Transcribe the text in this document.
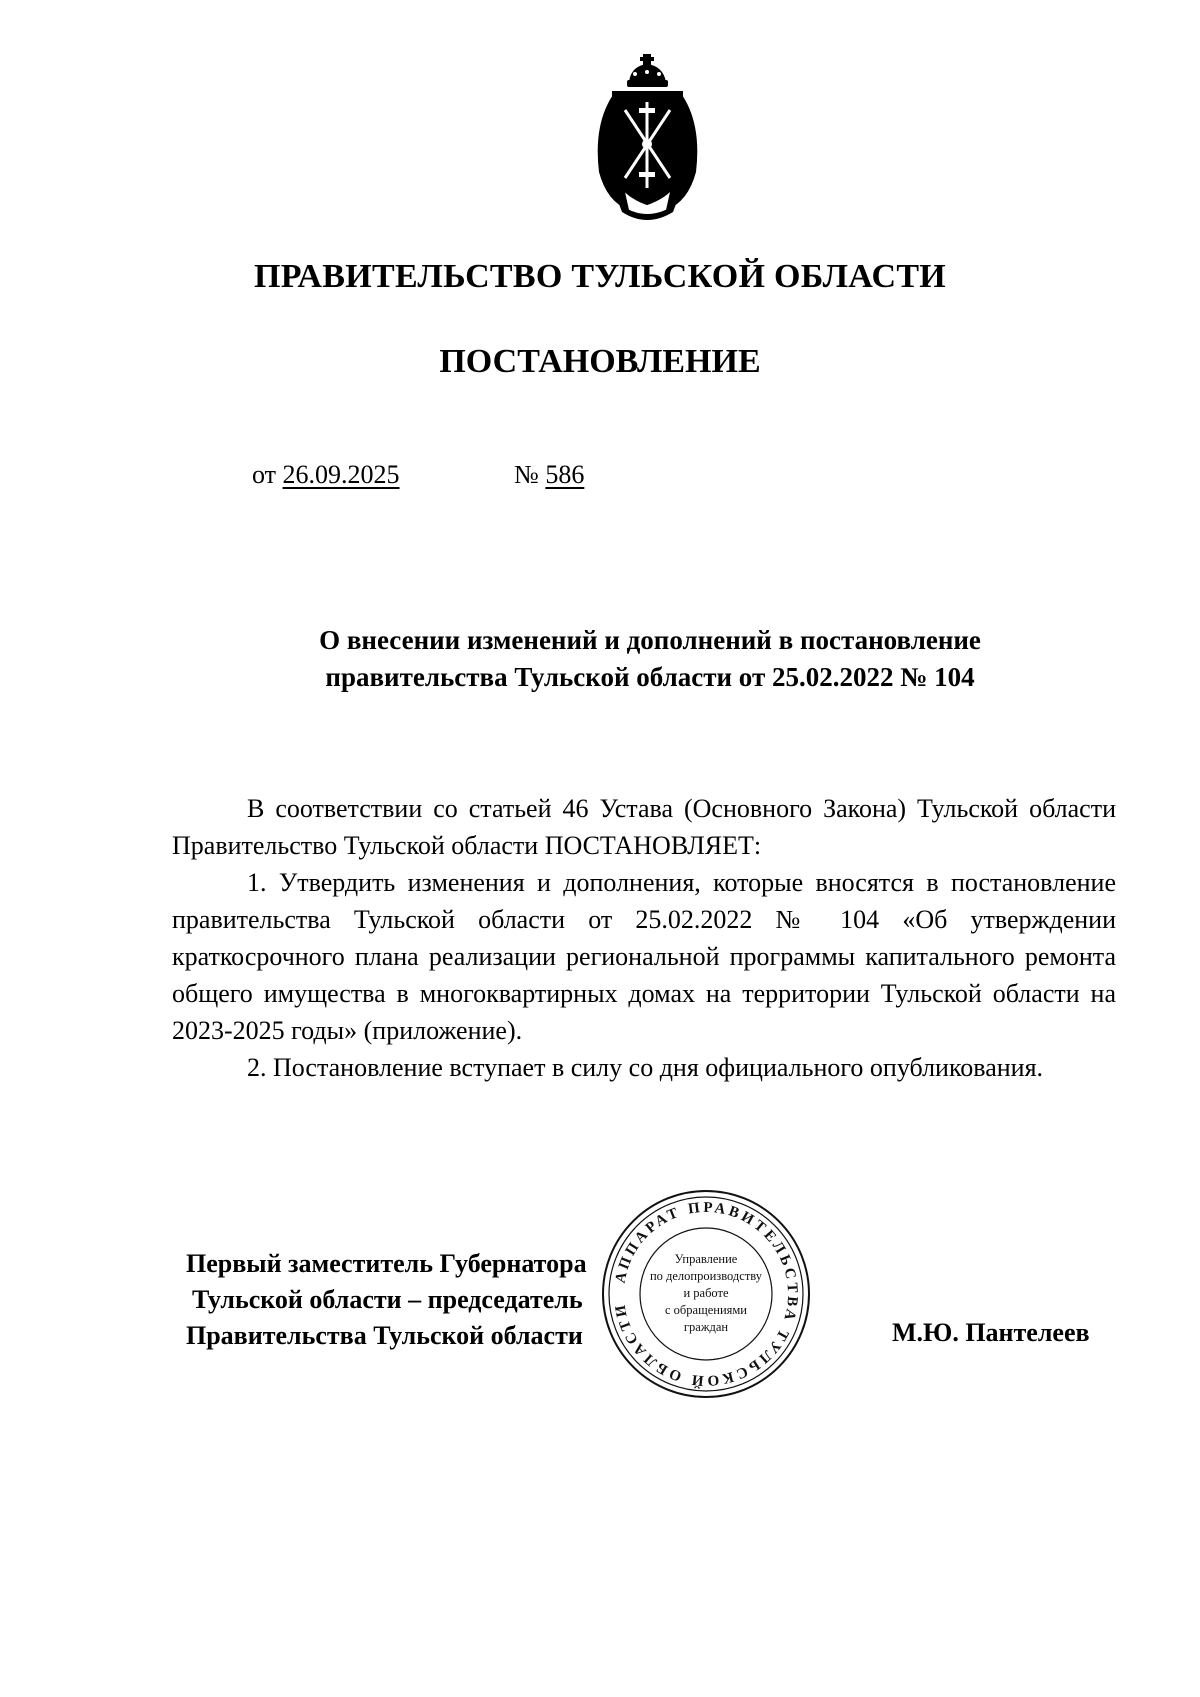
ПРАВИТЕЛЬСТВО ТУЛЬСКОЙ ОБЛАСТИ
ПОСТАНОВЛЕНИЕ
от 26.09.2025	№ 586
О внесении изменений и дополнений в постановление
правительства Тульской области от 25.02.2022 № 104

В соответствии со статьей 46 Устава (Основного Закона) Тульской области Правительство Тульской области ПОСТАНОВЛЯЕТ:

1. Утвердить изменения и дополнения, которые вносятся в постановление правительства Тульской области от 25.02.2022 № 104 «Об утверждении краткосрочного плана реализации региональной программы капитального ремонта общего имущества в многоквартирных домах на территории Тульской области на 2023-2025 годы» (приложение).

2. Постановление вступает в силу со дня официального опубликования.

Первый заместитель Губернатора
Тульской области – председатель
Правительства Тульской области	М.Ю. Пантелеев
АППАРАТ ПРАВИТЕЛЬСТВА ТУЛЬСКОЙ ОБЛАСТИ
Управление
по делопроизводству
и работе
с обращениями
граждан
